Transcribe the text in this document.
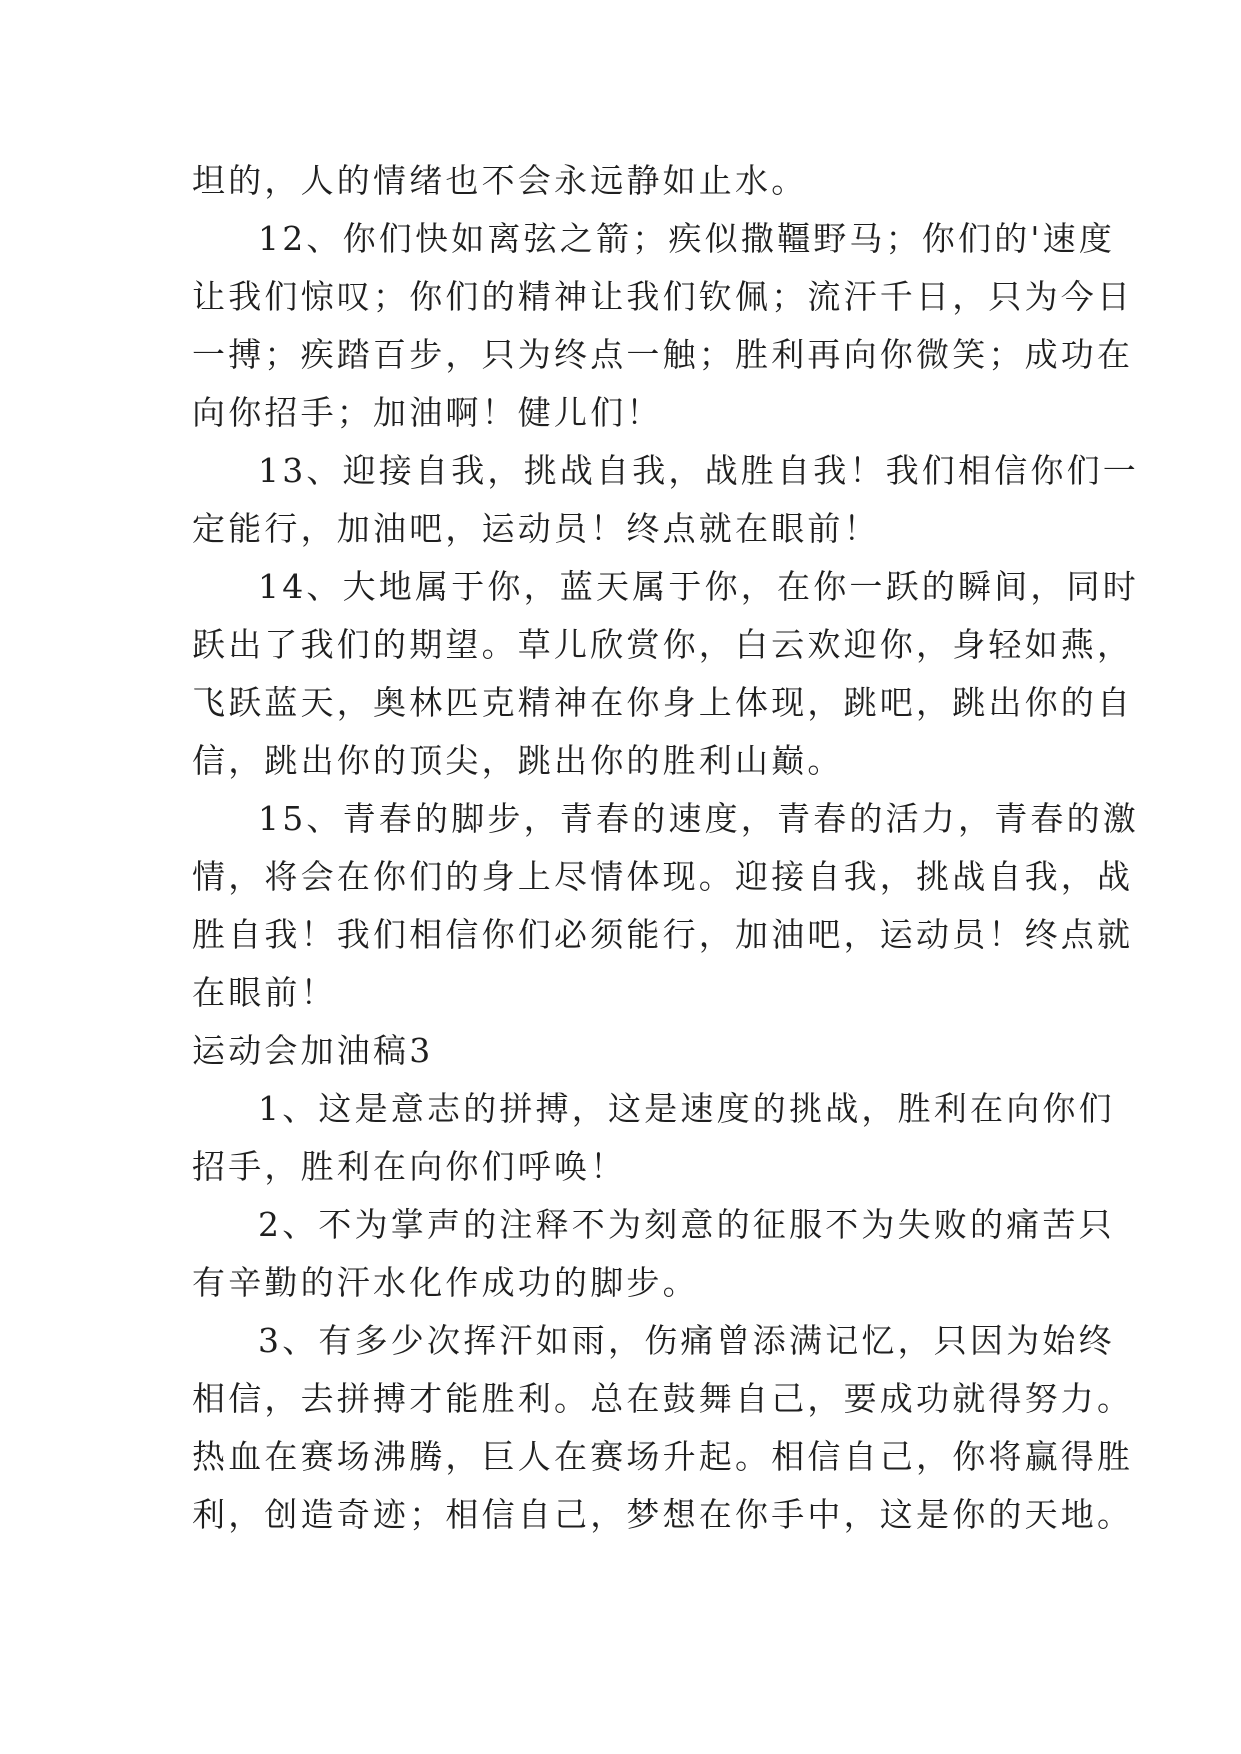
坦的，人的情绪也不会永远静如止水。
12、你们快如离弦之箭；疾似撒韁野马；你们的'速度
让我们惊叹；你们的精神让我们钦佩；流汗千日，只为今日
一搏；疾踏百步，只为终点一触；胜利再向你微笑；成功在
向你招手；加油啊！健儿们！
13、迎接自我，挑战自我，战胜自我！我们相信你们一
定能行，加油吧，运动员！终点就在眼前！
14、大地属于你，蓝天属于你，在你一跃的瞬间，同时
跃出了我们的期望。草儿欣赏你，白云欢迎你，身轻如燕，
飞跃蓝天，奥林匹克精神在你身上体现，跳吧，跳出你的自
信，跳出你的顶尖，跳出你的胜利山巅。
15、青春的脚步，青春的速度，青春的活力，青春的激
情，将会在你们的身上尽情体现。迎接自我，挑战自我，战
胜自我！我们相信你们必须能行，加油吧，运动员！终点就
在眼前！
运动会加油稿3
1、这是意志的拼搏，这是速度的挑战，胜利在向你们
招手，胜利在向你们呼唤！
2、不为掌声的注释不为刻意的征服不为失败的痛苦只
有辛勤的汗水化作成功的脚步。
3、有多少次挥汗如雨，伤痛曾添满记忆，只因为始终
相信，去拼搏才能胜利。总在鼓舞自己，要成功就得努力。
热血在赛场沸腾，巨人在赛场升起。相信自己，你将赢得胜
利，创造奇迹；相信自己，梦想在你手中，这是你的天地。
